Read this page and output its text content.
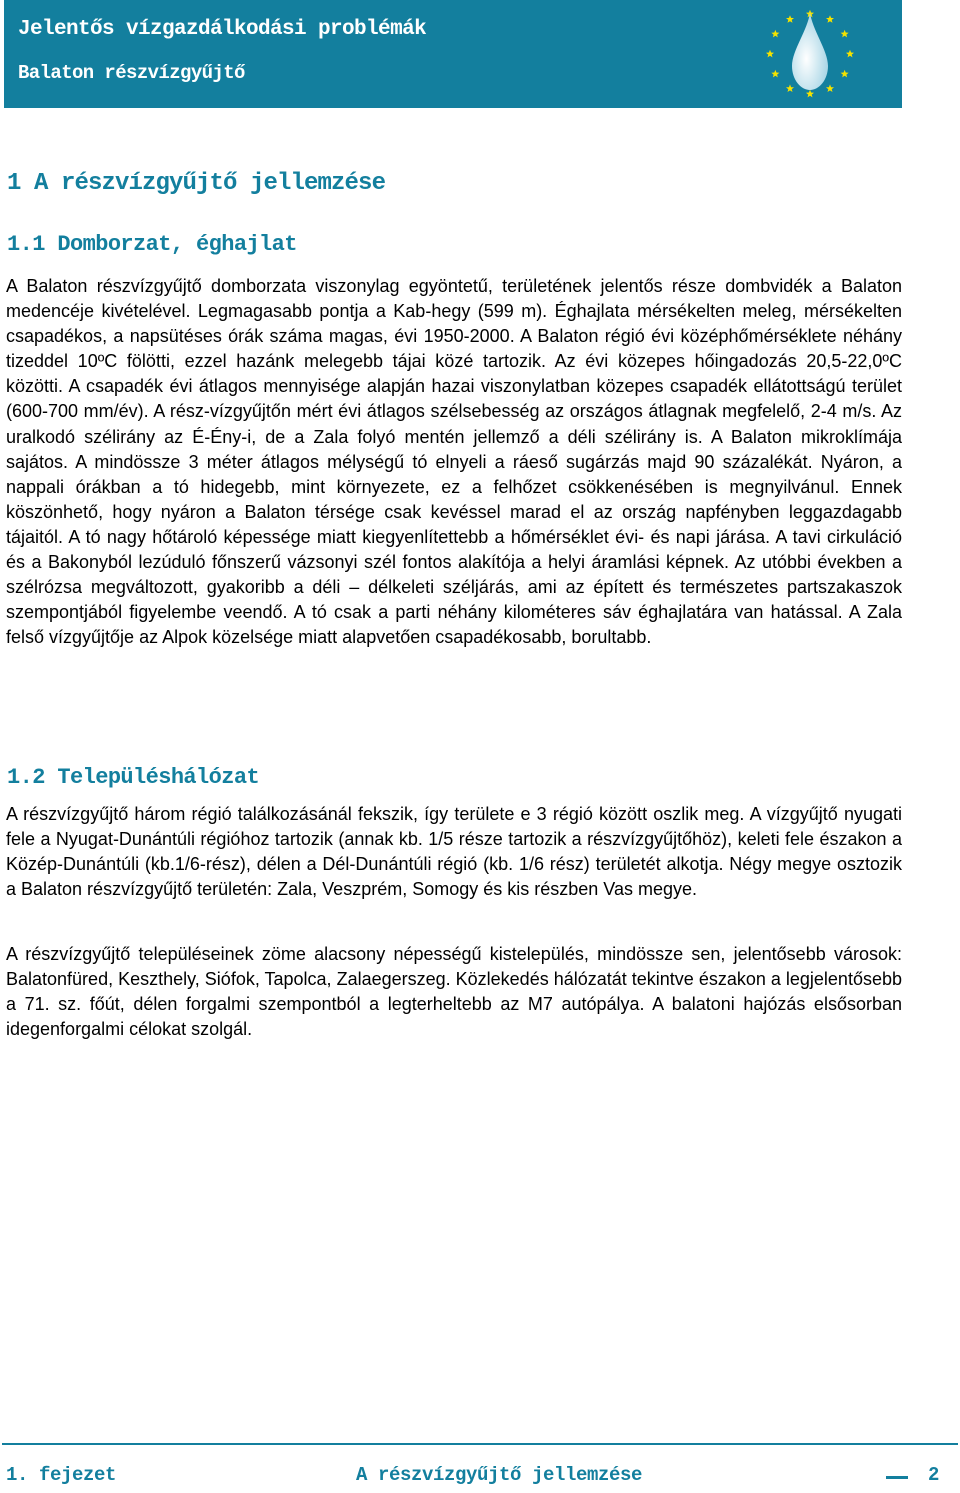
Jelentős vízgazdálkodási problémák
Balaton részvízgyűjtő
1 A részvízgyűjtő jellemzése
1.1 Domborzat, éghajlat

A Balaton részvízgyűjtő domborzata viszonylag egyöntetű, területének jelentős része dombvidék a Balaton medencéje kivételével. Legmagasabb pontja a Kab-hegy (599 m). Éghajlata mérsékelten meleg, mérsékelten csapadékos, a napsütéses órák száma magas, évi 1950-2000. A Balaton régió évi középhőmérséklete néhány tizeddel 10ºC fölötti, ezzel hazánk melegebb tájai közé tartozik. Az évi közepes hőingadozás 20,5-22,0ºC közötti. A csapadék évi átlagos mennyisége alapján hazai viszonylatban közepes csapadék ellátottságú terület (600-700 mm/év). A rész-vízgyűjtőn mért évi átlagos szélsebesség az országos átlagnak megfelelő, 2-4 m/s. Az uralkodó szélirány az É-Ény-i, de a Zala folyó mentén jellemző a déli szélirány is. A Balaton mikroklímája sajátos. A mindössze 3 méter átlagos mélységű tó elnyeli a ráeső sugárzás majd 90 százalékát. Nyáron, a nappali órákban a tó hidegebb, mint környezete, ez a felhőzet csökkenésében is megnyilvánul. Ennek köszönhető, hogy nyáron a Balaton térsége csak kevéssel marad el az ország napfényben leggazdagabb tájaitól. A tó nagy hőtároló képessége miatt kiegyenlítettebb a hőmérséklet évi- és napi járása. A tavi cirkuláció és a Bakonyból lezúduló főnszerű vázsonyi szél fontos alakítója a helyi áramlási képnek. Az utóbbi években a szélrózsa megváltozott, gyakoribb a déli – délkeleti széljárás, ami az épített és természetes partszakaszok szempontjából figyelembe veendő. A tó csak a parti néhány kilométeres sáv éghajlatára van hatással. A Zala felső vízgyűjtője az Alpok közelsége miatt alapvetően csapadékosabb, borultabb.

1.2 Településhálózat

A részvízgyűjtő három régió találkozásánál fekszik, így területe e 3 régió között oszlik meg. A vízgyűjtő nyugati fele a Nyugat-Dunántúli régióhoz tartozik (annak kb. 1/5 része tartozik a részvízgyűjtőhöz), keleti fele északon a Közép-Dunántúli (kb.1/6-rész), délen a Dél-Dunántúli régió (kb. 1/6 rész) területét alkotja. Négy megye osztozik a Balaton részvízgyűjtő területén: Zala, Veszprém, Somogy és kis részben Vas megye.

A részvízgyűjtő településeinek zöme alacsony népességű kistelepülés, mindössze sen, jelentősebb városok: Balatonfüred, Keszthely, Siófok, Tapolca, Zalaegerszeg. Közlekedés hálózatát tekintve északon a legjelentősebb a 71. sz. főút, délen forgalmi szempontból a legterheltebb az M7 autópálya. A balatoni hajózás elsősorban idegenforgalmi célokat szolgál.

1. fejezet	A részvízgyűjtő jellemzése	2
